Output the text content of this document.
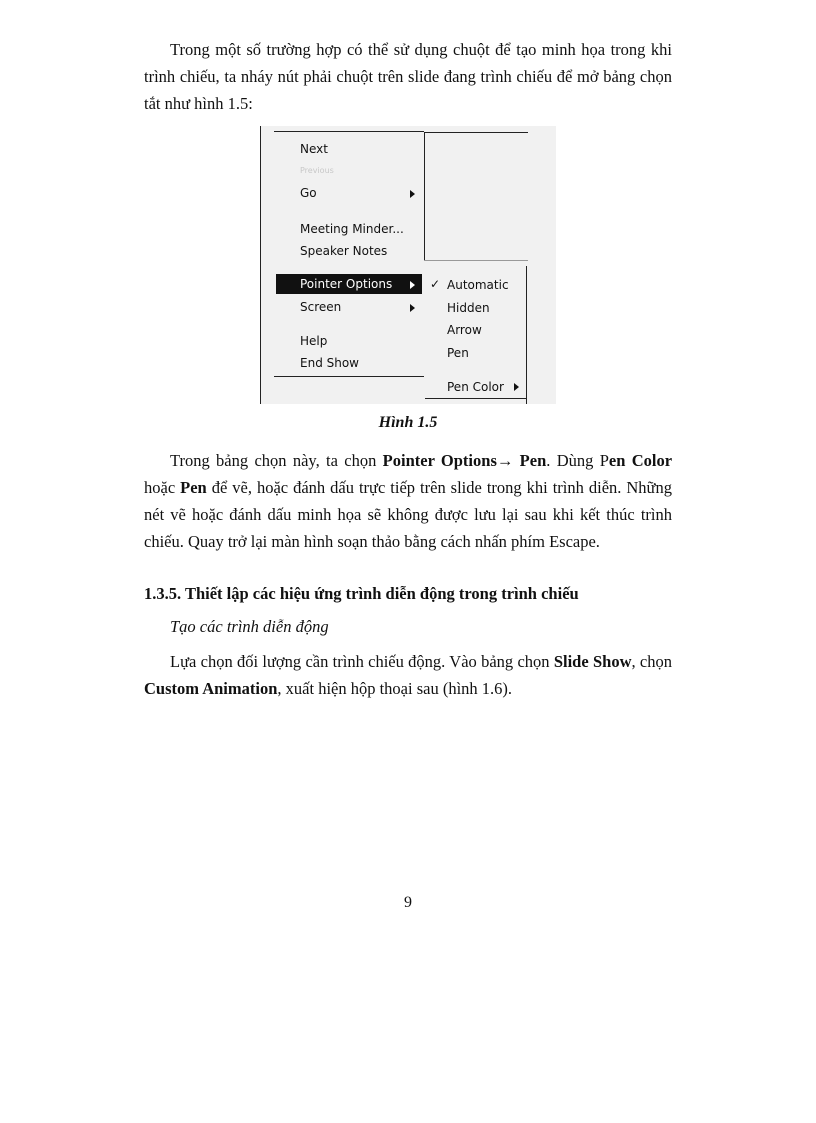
Trong một số trường hợp có thể sử dụng chuột để tạo minh họa trong khi trình chiếu, ta nháy nút phải chuột trên slide đang trình chiếu để mở bảng chọn tắt như hình 1.5:

Next
Previous
Go
Meeting Minder...
Speaker Notes
Pointer Options
Screen
Help
End Show
✓ Automatic
Hidden
Arrow
Pen
Pen Color
Hình 1.5

Trong bảng chọn này, ta chọn Pointer Options→ Pen. Dùng Pen Color hoặc Pen để vẽ, hoặc đánh dấu trực tiếp trên slide trong khi trình diễn. Những nét vẽ hoặc đánh dấu minh họa sẽ không được lưu lại sau khi kết thúc trình chiếu. Quay trở lại màn hình soạn thảo bằng cách nhấn phím Escape.

1.3.5. Thiết lập các hiệu ứng trình diễn động trong trình chiếu
Tạo các trình diễn động

Lựa chọn đối lượng cần trình chiếu động. Vào bảng chọn Slide Show, chọn Custom Animation, xuất hiện hộp thoại sau (hình 1.6).

9
